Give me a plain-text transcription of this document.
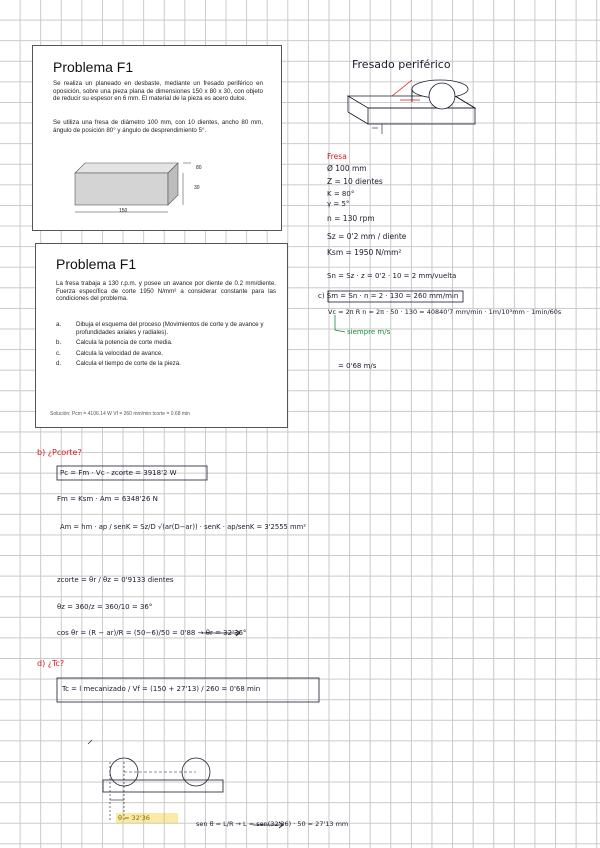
Problema F1
Se realiza un planeado en desbaste, mediante un fresado periférico en oposición, sobre una pieza plana de dimensiones 150 x 80 x 30, con objeto de reducir su espesor en 6 mm. El material de la pieza es acero dulce.
Se utiliza una fresa de diámetro 100 mm, con 10 dientes, ancho 80 mm, ángulo de posición 80° y ángulo de desprendimiento 5°.
150
30
80
Problema F1
La fresa trabaja a 130 r.p.m. y posee un avance por diente de 0.2 mm/diente. Fuerza específica de corte 1950 N/mm² a considerar constante para las condiciones del problema.
a.	Dibuja el esquema del proceso (Movimientos de corte y de avance y profundidades axiales y radiales).
b.	Calcula la potencia de corte media.
c.	Calcula la velocidad de avance.
d.	Calcula el tiempo de corte de la pieza.
Solución: Pcm = 4106.14 W Vf = 260 mm/min tcorte = 0.68 min
Fresado periférico
Fresa
Ø 100 mm
Z = 10 dientes
K = 80°
γ = 5°
n = 130 rpm
Sz = 0'2 mm / diente
Ksm = 1950 N/mm²
Sn = Sz · z = 0'2 · 10 = 2 mm/vuelta
c) Sm = Sn · n = 2 · 130 = 260 mm/min
Vc = 2π R n = 2π · 50 · 130 = 40840'7 mm/min · 1m/10³mm · 1min/60s
siempre m/s
= 0'68 m/s
b) ¿Pcorte?
Pc = Fm · Vc · zcorte = 3918'2 W
Fm = Ksm · Am = 6348'26 N
Am = hm · ap / senK = Sz/D √(ar(D−ar)) · senK · ap/senK = 3'2555 mm²
zcorte = θr / θz = 0'9133 dientes
θz = 360/z = 360/10 = 36°
cos θr = (R − ar)/R = (50−6)/50 = 0'88 → θr = 32'36°
d) ¿Tc?
Tc = l mecanizado / Vf = (150 + 27'13) / 260 = 0'68 min
θ = 32'36
sen θ = L/R → L = sen(32'36) · 50 = 27'13 mm
